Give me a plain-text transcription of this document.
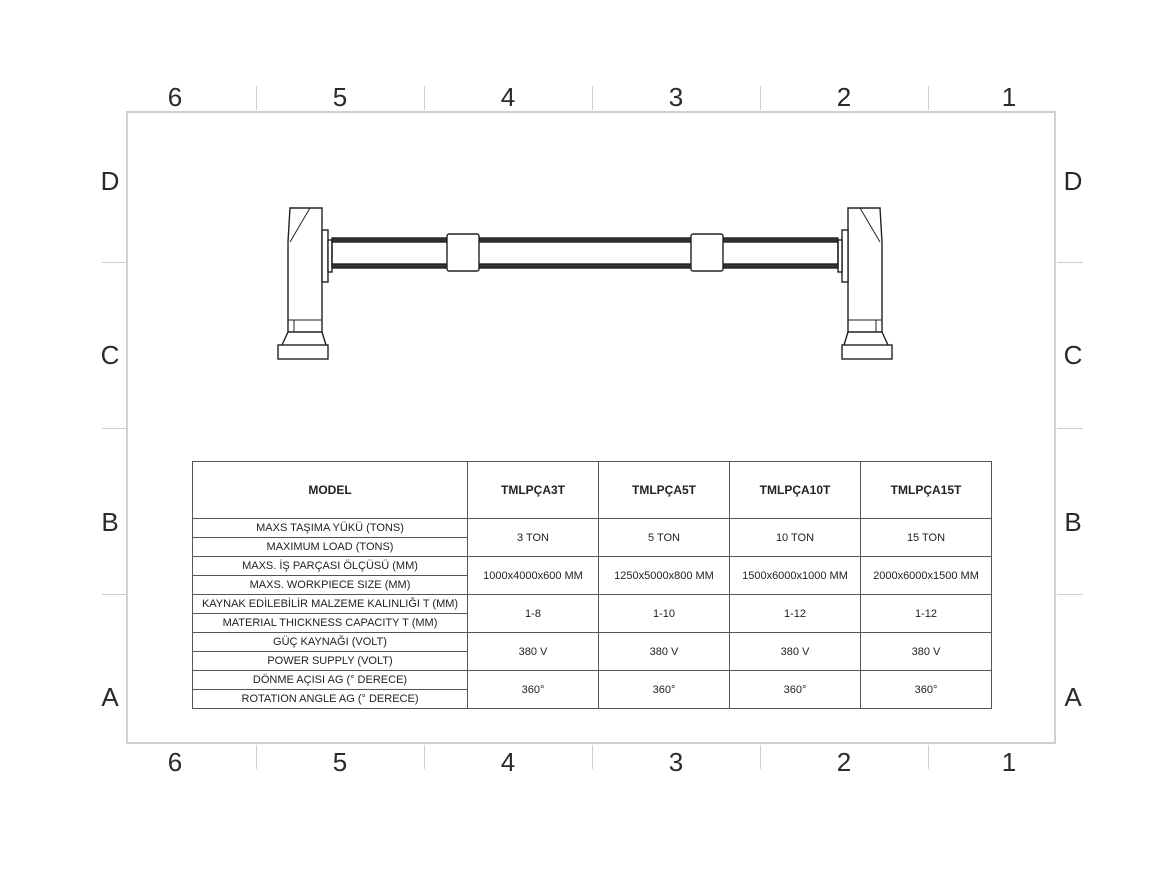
6	5	4	3	2	1
6	5	4	3	2	1
D
C
B
A
D
C
B
A
MODEL	TMLPÇA3T	TMLPÇA5T	TMLPÇA10T	TMLPÇA15T
MAXS TAŞIMA YÜKÜ (TONS)	3 TON	5 TON	10 TON	15 TON
MAXIMUM LOAD (TONS)				
MAXS. İŞ PARÇASI ÖLÇÜSÜ (MM)	1000x4000x600 MM	1250x5000x800 MM	1500x6000x1000 MM	2000x6000x1500 MM
MAXS. WORKPIECE SIZE (MM)				
KAYNAK EDİLEBİLİR MALZEME KALINLIĞI T (MM)	1-8	1-10	1-12	1-12
MATERIAL THICKNESS CAPACITY T (MM)				
GÜÇ KAYNAĞI (VOLT)	380 V	380 V	380 V	380 V
POWER SUPPLY (VOLT)				
DÖNME AÇISI AG (° DERECE)	360°	360°	360°	360°
ROTATION ANGLE AG (° DERECE)				
